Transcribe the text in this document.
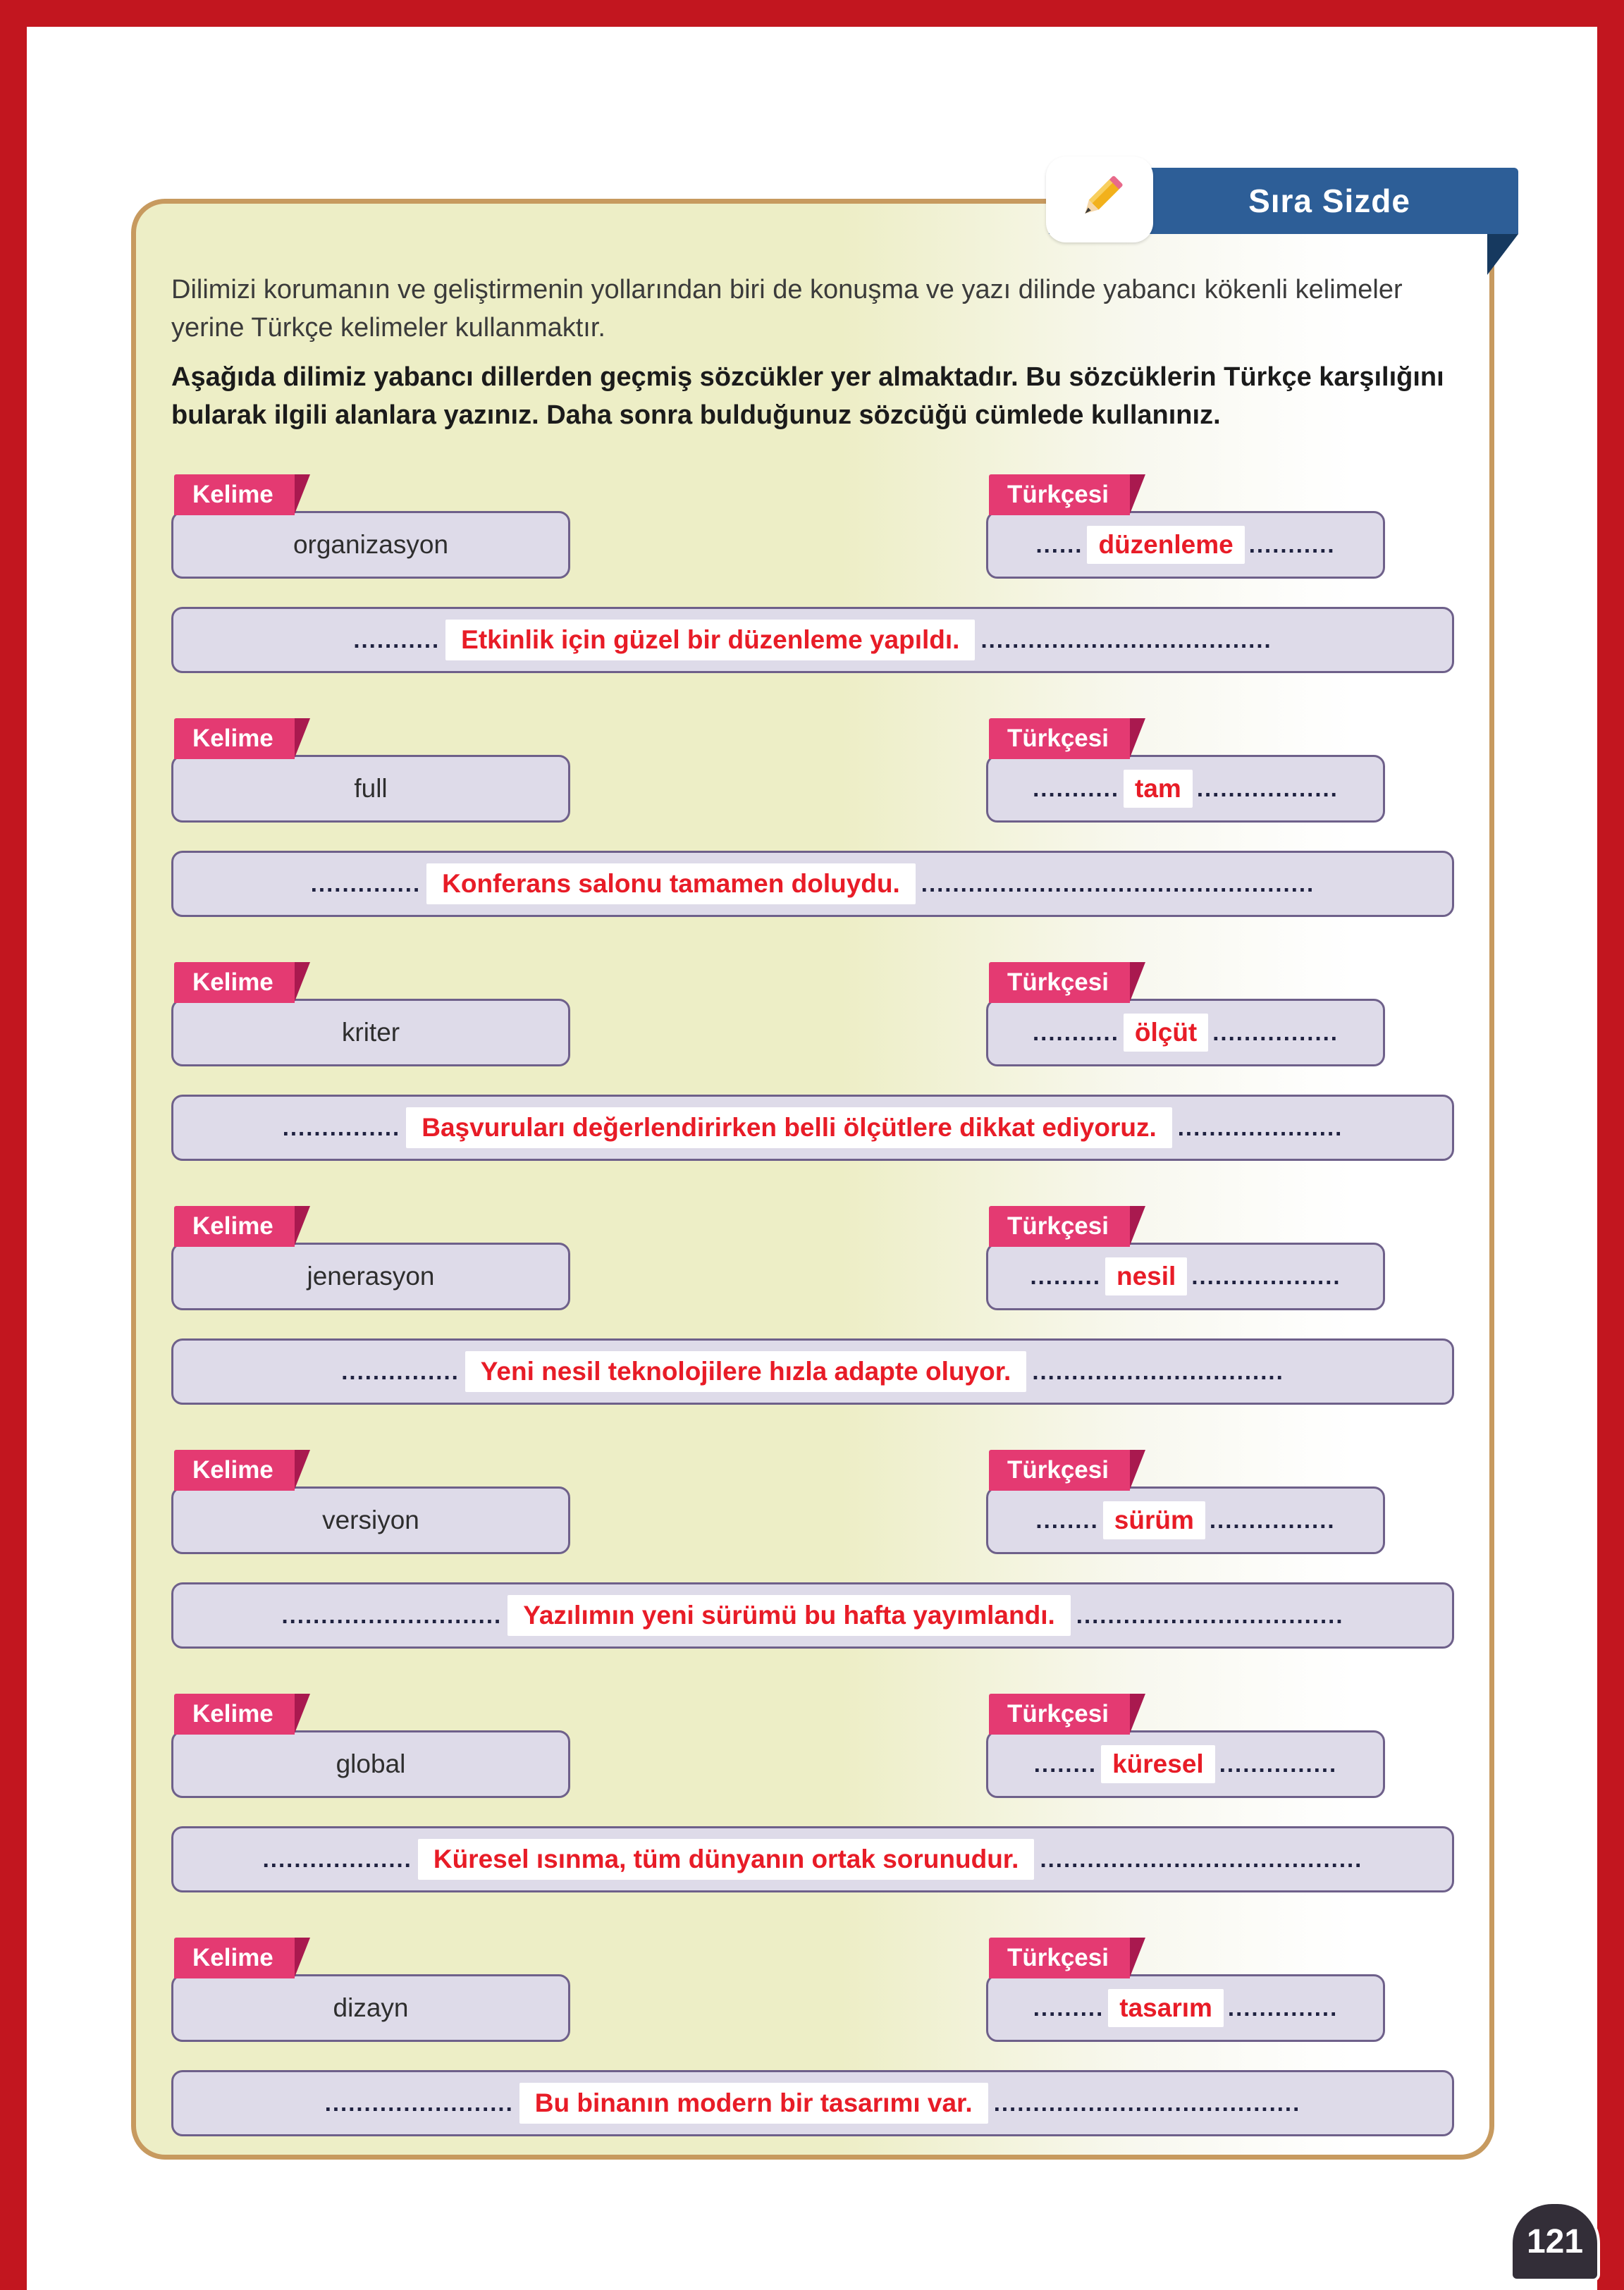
Sıra Sizde

Dilimizi korumanın ve geliştirmenin yollarından biri de konuşma ve yazı dilinde yabancı kökenli kelimeler yerine Türkçe kelimeler kullanmaktır.

Aşağıda dilimiz yabancı dillerden geçmiş sözcükler yer almaktadır. Bu sözcüklerin Türkçe karşılığını bularak ilgili alanlara yazınız. Daha sonra bulduğunuz sözcüğü cümlede kullanınız.

Kelime
organizasyon
Türkçesi
...... düzenleme ...........
........... Etkinlik için güzel bir düzenleme yapıldı. .....................................
Kelime
full
Türkçesi
........... tam ..................
.............. Konferans salonu tamamen doluydu. ..................................................
Kelime
kriter
Türkçesi
........... ölçüt ................
............... Başvuruları değerlendirirken belli ölçütlere dikkat ediyoruz. .....................
Kelime
jenerasyon
Türkçesi
......... nesil ...................
............... Yeni nesil teknolojilere hızla adapte oluyor. ................................
Kelime
versiyon
Türkçesi
........ sürüm ................
............................ Yazılımın yeni sürümü bu hafta yayımlandı. ..................................
Kelime
global
Türkçesi
........ küresel ...............
................... Küresel ısınma, tüm dünyanın ortak sorunudur. .........................................
Kelime
dizayn
Türkçesi
......... tasarım ..............
........................ Bu binanın modern bir tasarımı var. .......................................
121
